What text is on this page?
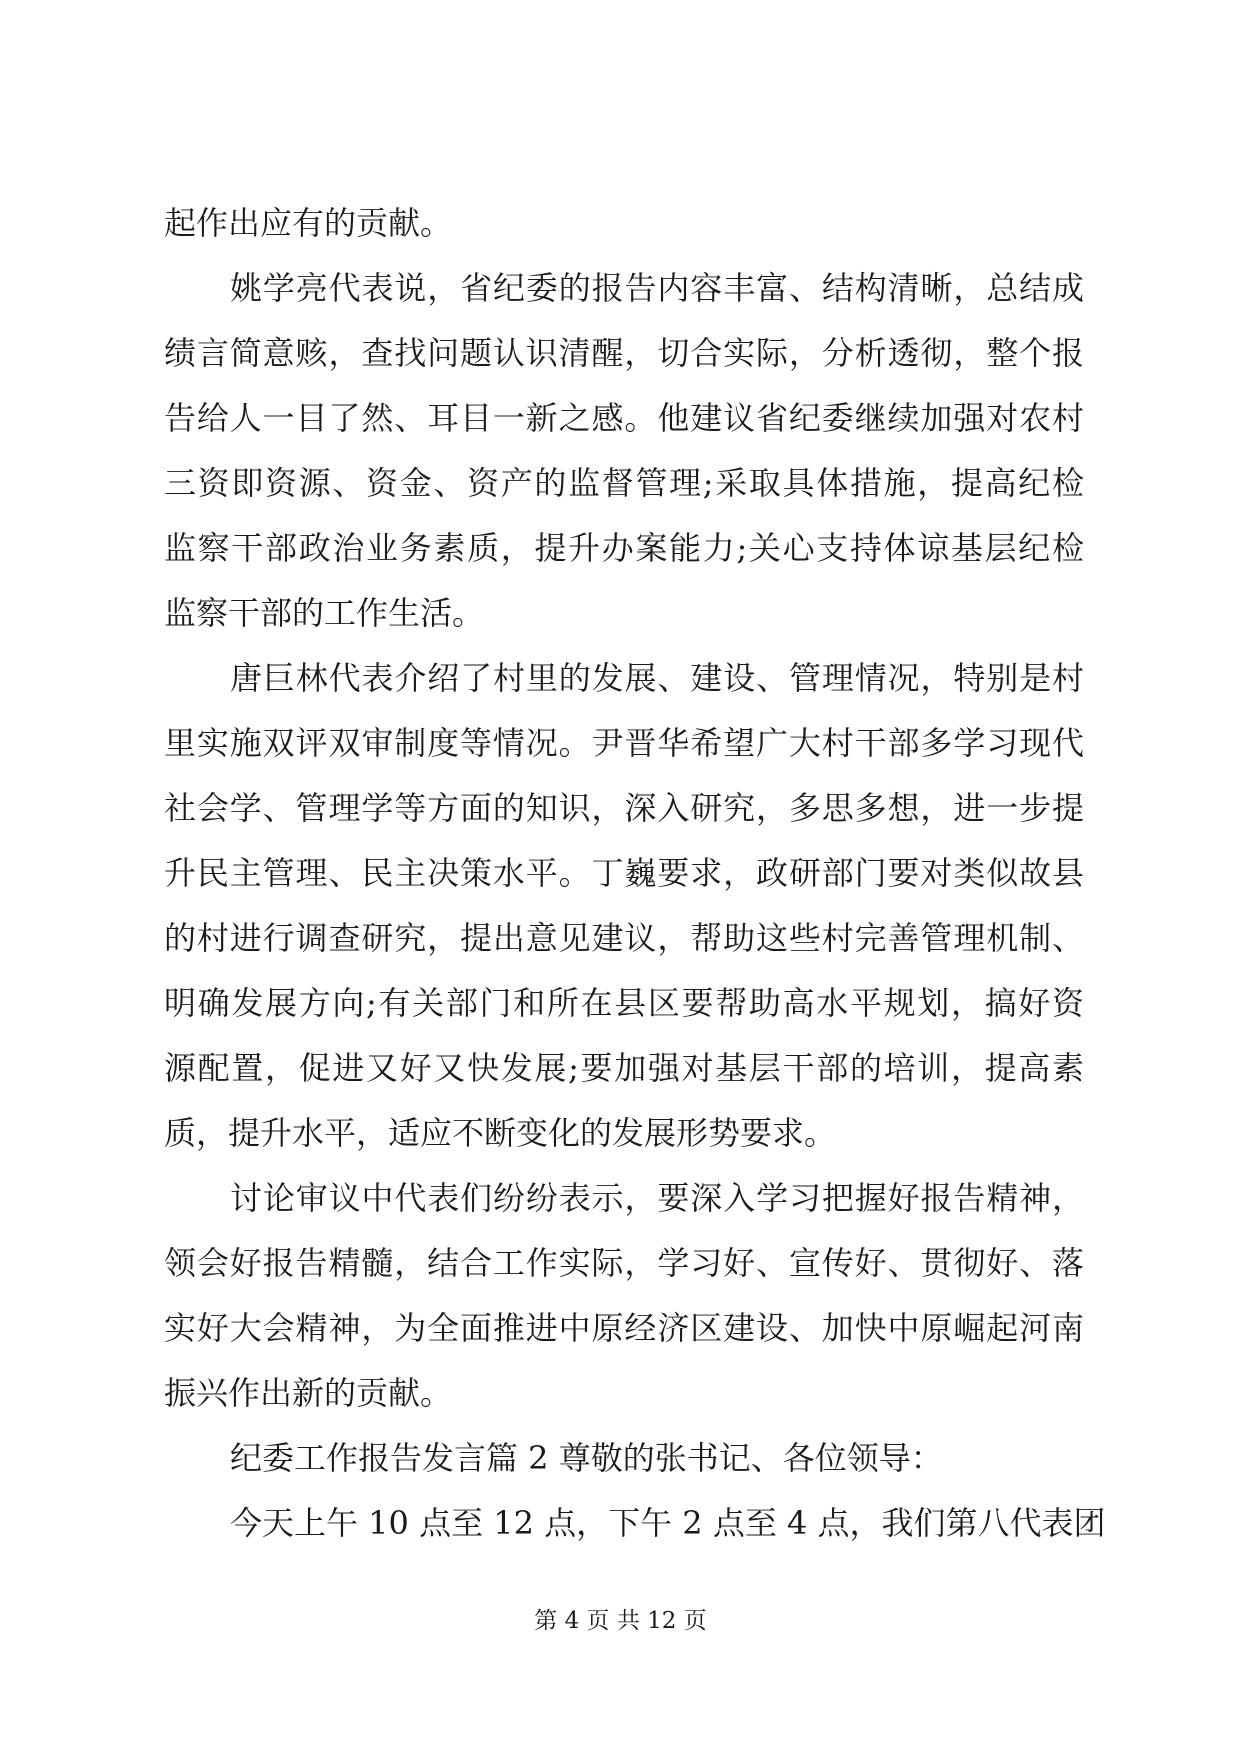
起作出应有的贡献。
姚学亮代表说，省纪委的报告内容丰富、结构清晰，总结成
绩言简意赅，查找问题认识清醒，切合实际，分析透彻，整个报
告给人一目了然、耳目一新之感。他建议省纪委继续加强对农村
三资即资源、资金、资产的监督管理;采取具体措施，提高纪检
监察干部政治业务素质，提升办案能力;关心支持体谅基层纪检
监察干部的工作生活。
唐巨林代表介绍了村里的发展、建设、管理情况，特别是村
里实施双评双审制度等情况。尹晋华希望广大村干部多学习现代
社会学、管理学等方面的知识，深入研究，多思多想，进一步提
升民主管理、民主决策水平。丁巍要求，政研部门要对类似故县
的村进行调查研究，提出意见建议，帮助这些村完善管理机制、
明确发展方向;有关部门和所在县区要帮助高水平规划，搞好资
源配置，促进又好又快发展;要加强对基层干部的培训，提高素
质，提升水平，适应不断变化的发展形势要求。
讨论审议中代表们纷纷表示，要深入学习把握好报告精神，
领会好报告精髓，结合工作实际，学习好、宣传好、贯彻好、落
实好大会精神，为全面推进中原经济区建设、加快中原崛起河南
振兴作出新的贡献。
纪委工作报告发言篇 2 尊敬的张书记、各位领导：
今天上午 10 点至 12 点，下午 2 点至 4 点，我们第八代表团
第 4 页 共 12 页
